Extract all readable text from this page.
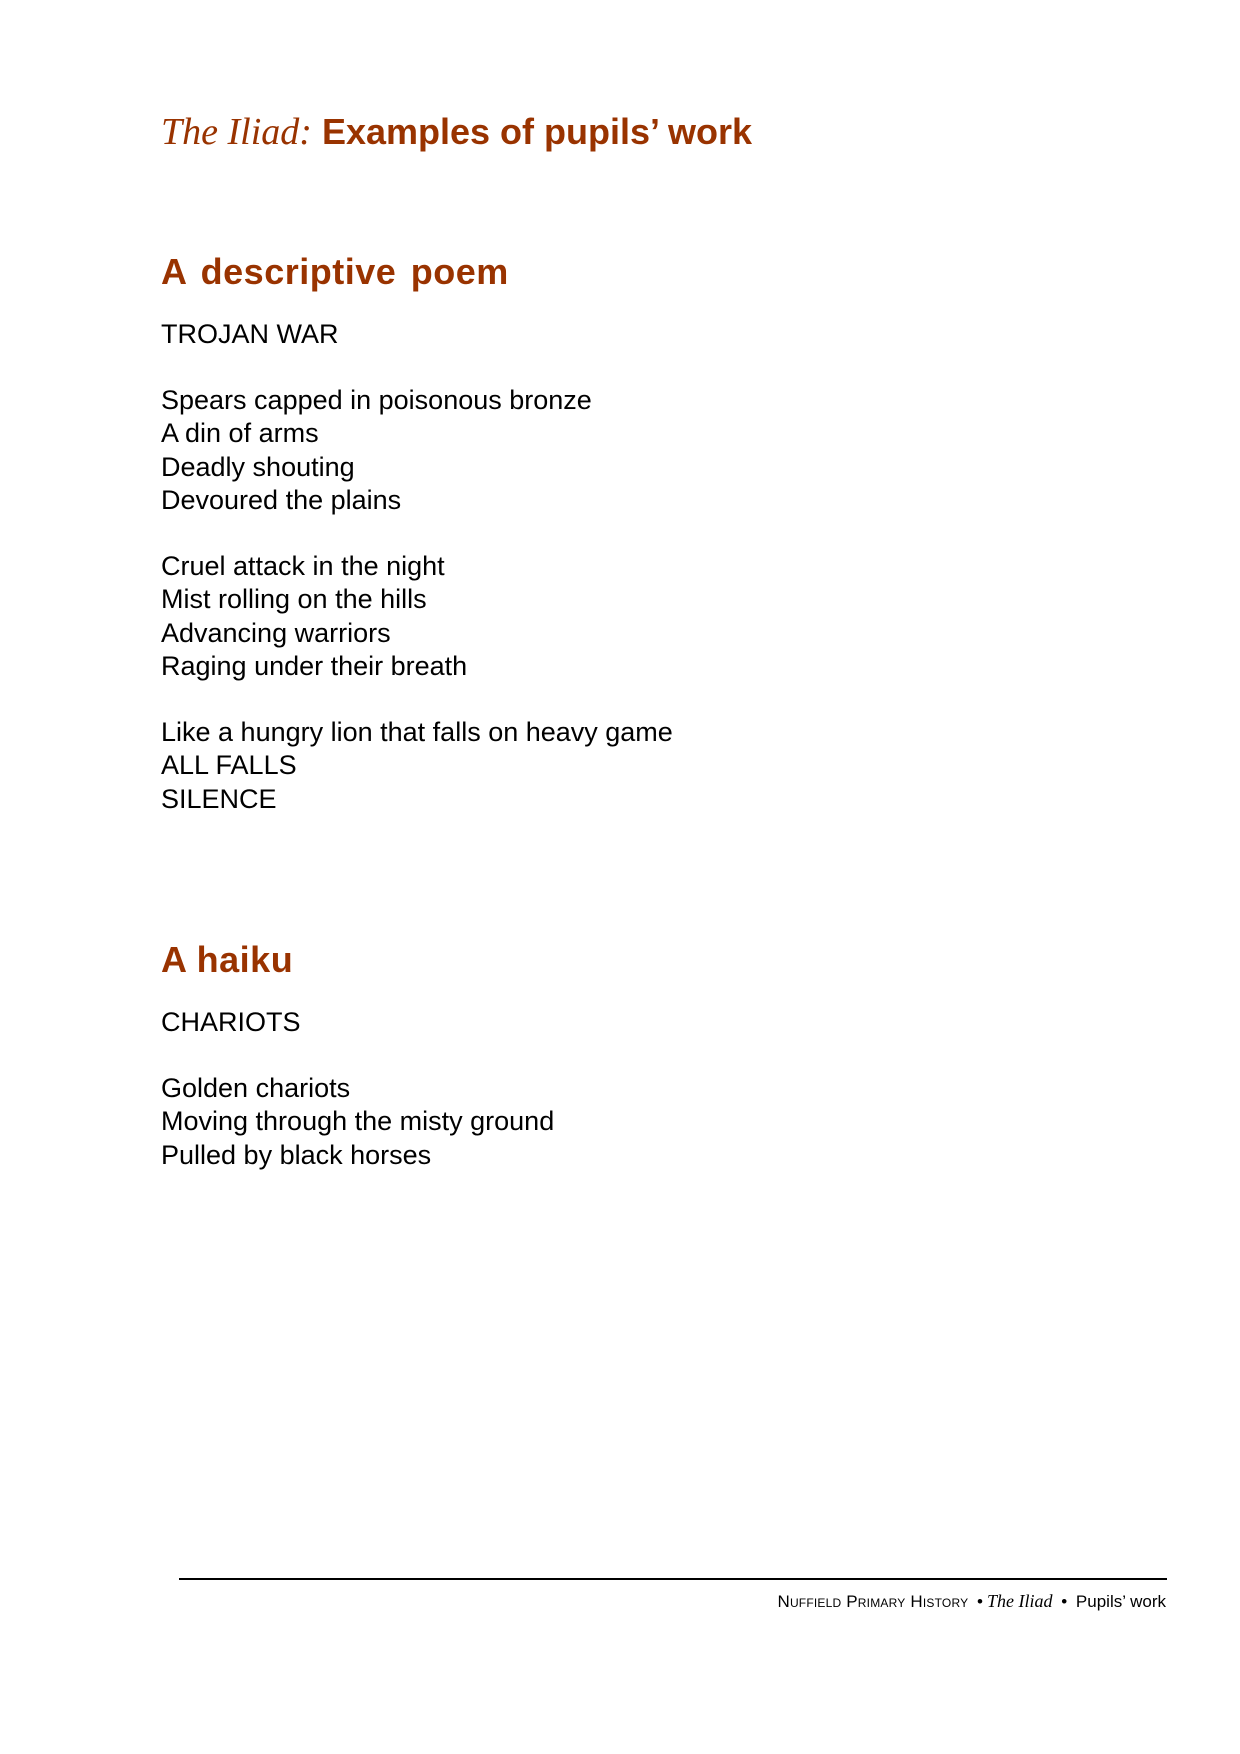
The Iliad: Examples of pupils’ work
A descriptive poem

TROJAN WAR

Spears capped in poisonous bronze
A din of arms
Deadly shouting
Devoured the plains
Cruel attack in the night
Mist rolling on the hills
Advancing warriors
Raging under their breath
Like a hungry lion that falls on heavy game
ALL FALLS
SILENCE
A haiku

CHARIOTS

Golden chariots
Moving through the misty ground
Pulled by black horses
Nuffield Primary History • The Iliad • Pupils’ work
